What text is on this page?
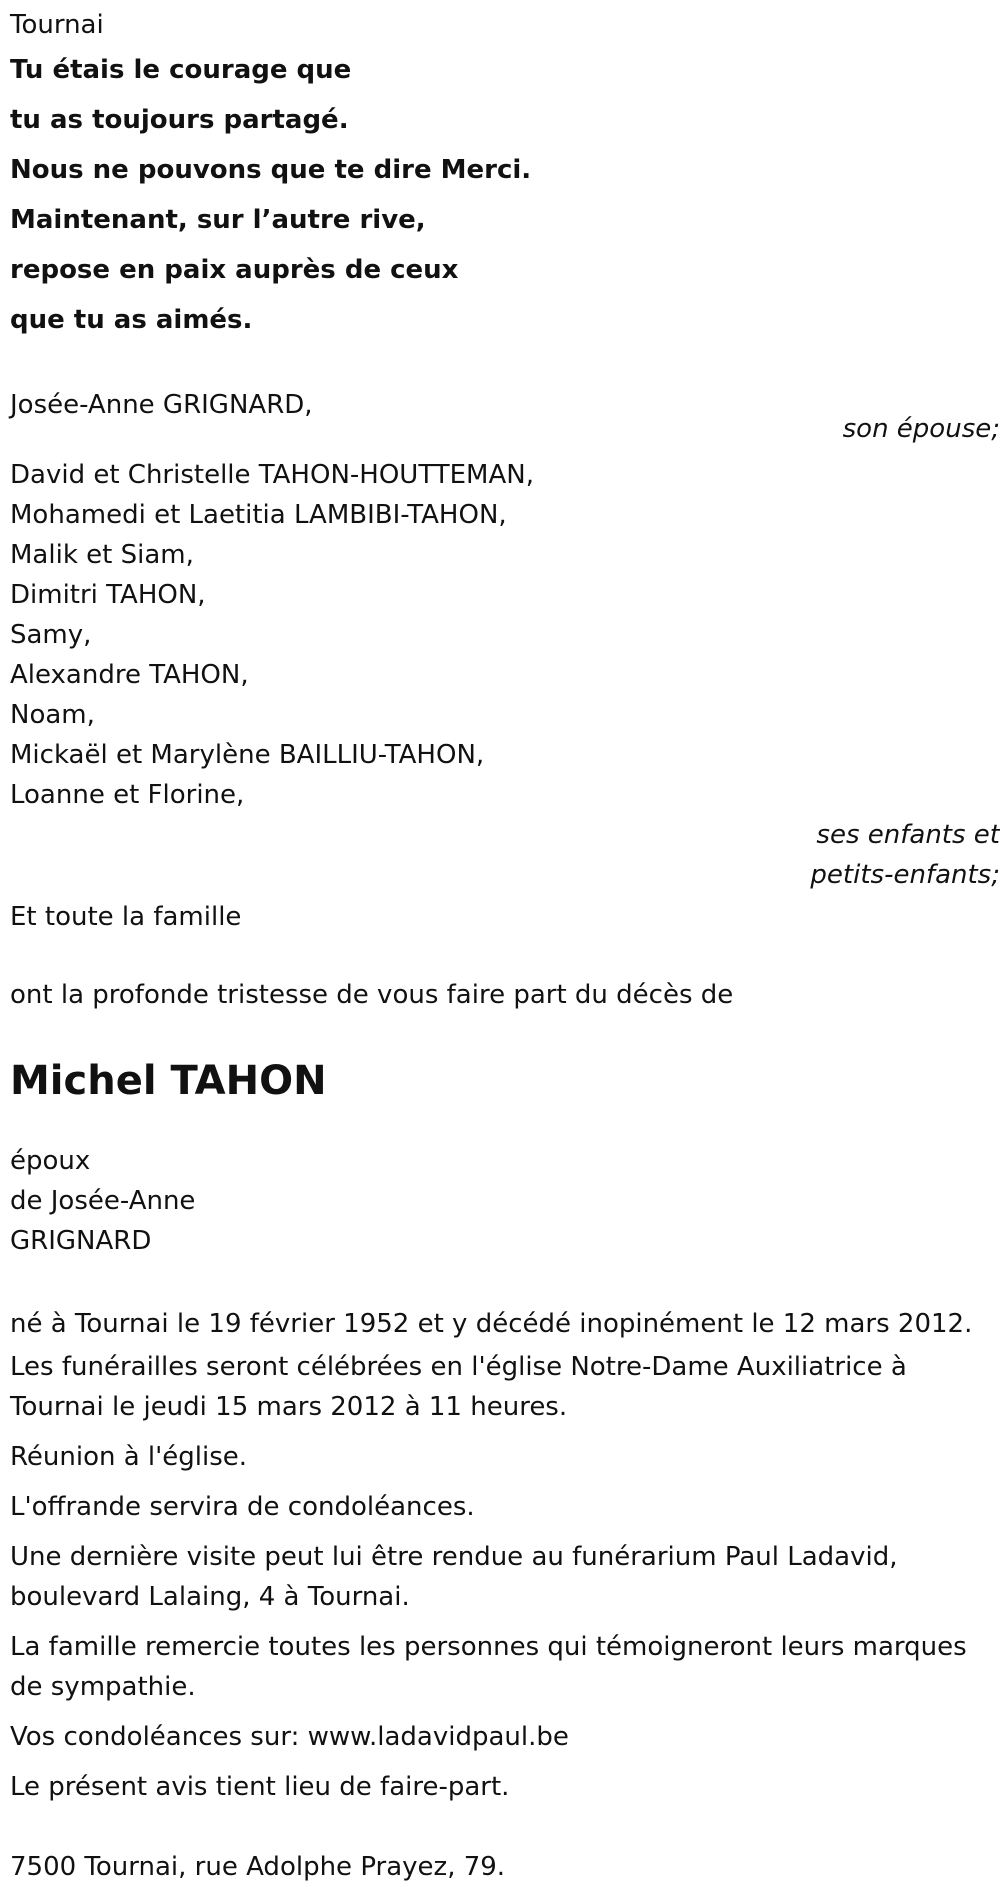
Tournai
Tu étais le courage que
tu as toujours partagé.
Nous ne pouvons que te dire Merci.
Maintenant, sur l’autre rive,
repose en paix auprès de ceux
que tu as aimés.
Josée-Anne GRIGNARD,
son épouse;
David et Christelle TAHON-HOUTTEMAN,
Mohamedi et Laetitia LAMBIBI-TAHON,
Malik et Siam,
Dimitri TAHON,
Samy,
Alexandre TAHON,
Noam,
Mickaël et Marylène BAILLIU-TAHON,
Loanne et Florine,
ses enfants et
petits-enfants;
Et toute la famille
ont la profonde tristesse de vous faire part du décès de
Michel TAHON
époux
de Josée-Anne
GRIGNARD
né à Tournai le 19 février 1952 et y décédé inopinément le 12 mars 2012.
Les funérailles seront célébrées en l'église Notre-Dame Auxiliatrice à Tournai le jeudi 15 mars 2012 à 11 heures.
Réunion à l'église.
L'offrande servira de condoléances.
Une dernière visite peut lui être rendue au funérarium Paul Ladavid, boulevard Lalaing, 4 à Tournai.
La famille remercie toutes les personnes qui témoigneront leurs marques de sympathie.
Vos condoléances sur: www.ladavidpaul.be
Le présent avis tient lieu de faire-part.
7500 Tournai, rue Adolphe Prayez, 79.
